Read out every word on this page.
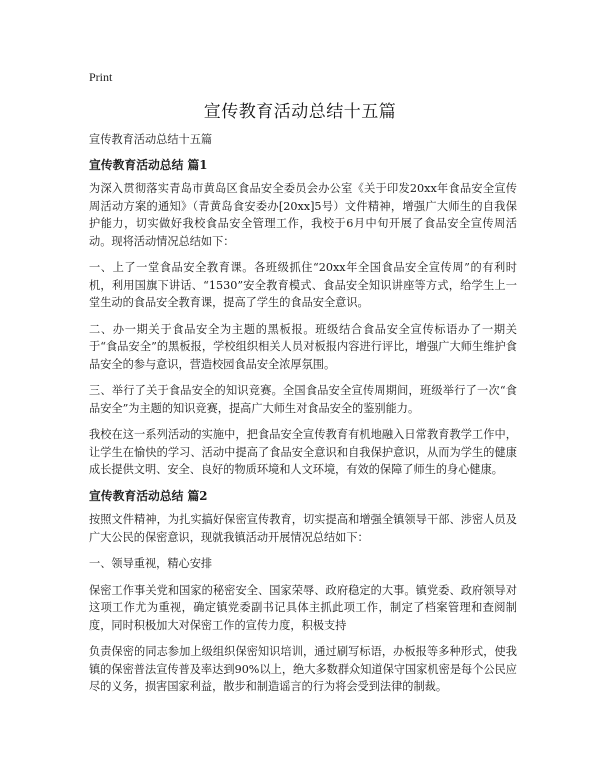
Print
宣传教育活动总结十五篇

宣传教育活动总结十五篇

宣传教育活动总结 篇1

为深入贯彻落实青岛市黄岛区食品安全委员会办公室《关于印发20xx年食品安全宣传周活动方案的通知》（青黄岛食安委办[20xx]5号）文件精神，增强广大师生的自我保护能力，切实做好我校食品安全管理工作，我校于6月中旬开展了食品安全宣传周活动。现将活动情况总结如下：

一、上了一堂食品安全教育课。各班级抓住“20xx年全国食品安全宣传周”的有利时机，利用国旗下讲话、“1530”安全教育模式、食品安全知识讲座等方式，给学生上一堂生动的食品安全教育课，提高了学生的食品安全意识。

二、办一期关于食品安全为主题的黑板报。班级结合食品安全宣传标语办了一期关于“食品安全”的黑板报，学校组织相关人员对板报内容进行评比，增强广大师生维护食品安全的参与意识，营造校园食品安全浓厚氛围。

三、举行了关于食品安全的知识竞赛。全国食品安全宣传周期间，班级举行了一次“食品安全”为主题的知识竞赛，提高广大师生对食品安全的鉴别能力。

我校在这一系列活动的实施中，把食品安全宣传教育有机地融入日常教育教学工作中，让学生在愉快的学习、活动中提高了食品安全意识和自我保护意识，从而为学生的健康成长提供文明、安全、良好的物质环境和人文环境，有效的保障了师生的身心健康。

宣传教育活动总结 篇2

按照文件精神，为扎实搞好保密宣传教育，切实提高和增强全镇领导干部、涉密人员及广大公民的保密意识，现就我镇活动开展情况总结如下：

一、领导重视，精心安排

保密工作事关党和国家的秘密安全、国家荣辱、政府稳定的大事。镇党委、政府领导对这项工作尤为重视，确定镇党委副书记具体主抓此项工作，制定了档案管理和查阅制度，同时积极加大对保密工作的宣传力度，积极支持

负责保密的同志参加上级组织保密知识培训，通过刷写标语，办板报等多种形式，使我镇的保密普法宣传普及率达到90%以上，绝大多数群众知道保守国家机密是每个公民应尽的义务，损害国家利益，散步和制造谣言的行为将会受到法律的制裁。
